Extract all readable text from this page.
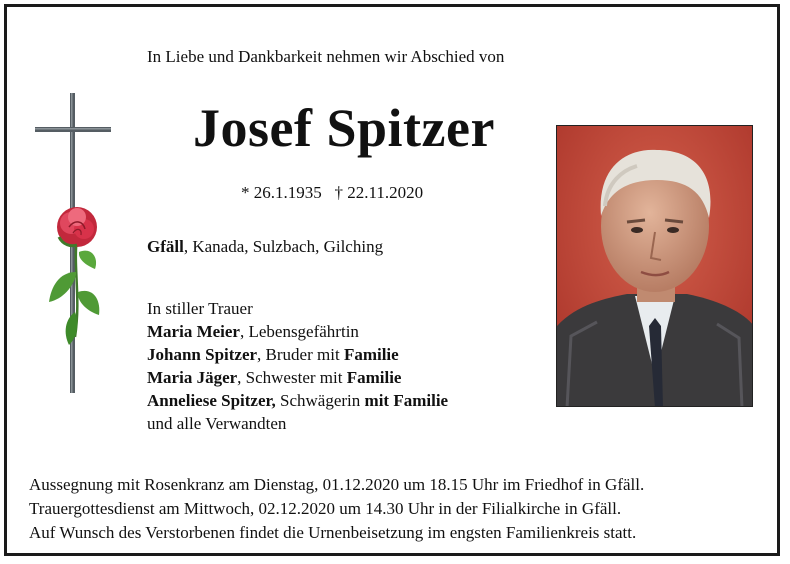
In Liebe und Dankbarkeit nehmen wir Abschied von
Josef Spitzer
* 26.1.1935 † 22.11.2020
Gfäll, Kanada, Sulzbach, Gilching
In stiller Trauer
Maria Meier, Lebensgefährtin
Johann Spitzer, Bruder mit Familie
Maria Jäger, Schwester mit Familie
Anneliese Spitzer, Schwägerin mit Familie
und alle Verwandten
Aussegnung mit Rosenkranz am Dienstag, 01.12.2020 um 18.15 Uhr im Friedhof in Gfäll.
Trauergottesdienst am Mittwoch, 02.12.2020 um 14.30 Uhr in der Filialkirche in Gfäll.
Auf Wunsch des Verstorbenen findet die Urnenbeisetzung im engsten Familienkreis statt.
